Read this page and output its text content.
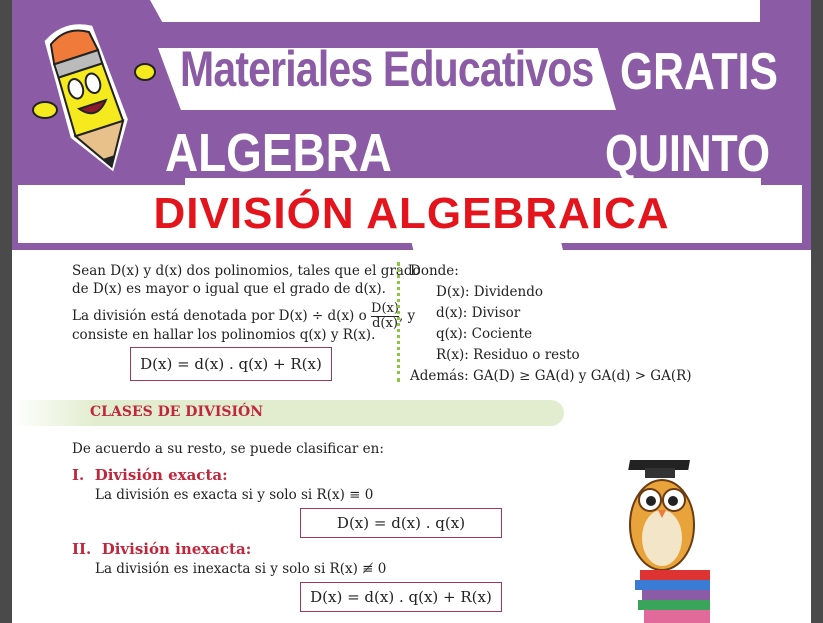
Materiales Educativos GRATIS
ALGEBRA	QUINTO
DIVISIÓN ALGEBRAICA
Sean D(x) y d(x) dos polinomios, tales que el grado
de D(x) es mayor o igual que el grado de d(x).
La división está denotada por D(x) ÷ d(x) o $\frac{D(x)}{d(x)}$ , y
consiste en hallar los polinomios q(x) y R(x).
D(x) = d(x) . q(x) + R(x)
Donde:
D(x): Dividendo
d(x): Divisor
q(x): Cociente
R(x): Residuo o resto
Además: GA(D) ≥ GA(d) y GA(d) > GA(R)
CLASES DE DIVISIÓN
De acuerdo a su resto, se puede clasificar en:
I. División exacta:
La división es exacta si y solo si R(x) ≡ 0
D(x) = d(x) . q(x)
II. División inexacta:
La división es inexacta si y solo si R(x) ≢ 0
D(x) = d(x) . q(x) + R(x)
